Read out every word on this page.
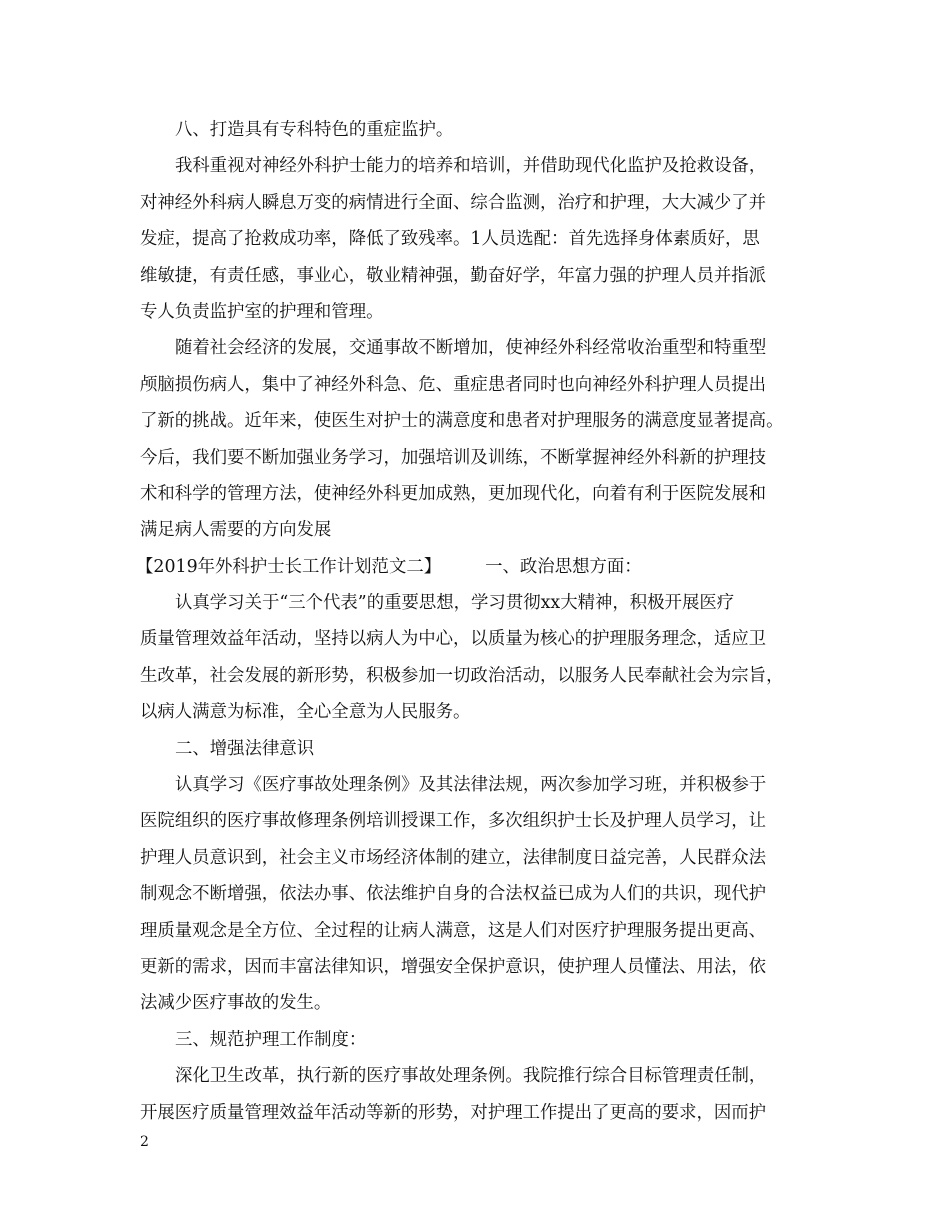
八、打造具有专科特色的重症监护。
我科重视对神经外科护士能力的培养和培训，并借助现代化监护及抢救设备，
对神经外科病人瞬息万变的病情进行全面、综合监测，治疗和护理，大大减少了并
发症，提高了抢救成功率，降低了致残率。1人员选配：首先选择身体素质好，思
维敏捷，有责任感，事业心，敬业精神强，勤奋好学，年富力强的护理人员并指派
专人负责监护室的护理和管理。
随着社会经济的发展，交通事故不断增加，使神经外科经常收治重型和特重型
颅脑损伤病人，集中了神经外科急、危、重症患者同时也向神经外科护理人员提出
了新的挑战。近年来，使医生对护士的满意度和患者对护理服务的满意度显著提高。
今后，我们要不断加强业务学习，加强培训及训练，不断掌握神经外科新的护理技
术和科学的管理方法，使神经外科更加成熟，更加现代化，向着有利于医院发展和
满足病人需要的方向发展
【2019年外科护士长工作计划范文二】	一、政治思想方面：
认真学习关于“三个代表”的重要思想，学习贯彻xx大精神，积极开展医疗
质量管理效益年活动，坚持以病人为中心，以质量为核心的护理服务理念，适应卫
生改革，社会发展的新形势，积极参加一切政治活动，以服务人民奉献社会为宗旨，
以病人满意为标准，全心全意为人民服务。
二、增强法律意识
认真学习《医疗事故处理条例》及其法律法规，两次参加学习班，并积极参于
医院组织的医疗事故修理条例培训授课工作，多次组织护士长及护理人员学习，让
护理人员意识到，社会主义市场经济体制的建立，法律制度日益完善，人民群众法
制观念不断增强，依法办事、依法维护自身的合法权益已成为人们的共识，现代护
理质量观念是全方位、全过程的让病人满意，这是人们对医疗护理服务提出更高、
更新的需求，因而丰富法律知识，增强安全保护意识，使护理人员懂法、用法，依
法减少医疗事故的发生。
三、规范护理工作制度：
深化卫生改革，执行新的医疗事故处理条例。我院推行综合目标管理责任制，
开展医疗质量管理效益年活动等新的形势，对护理工作提出了更高的要求，因而护
2
